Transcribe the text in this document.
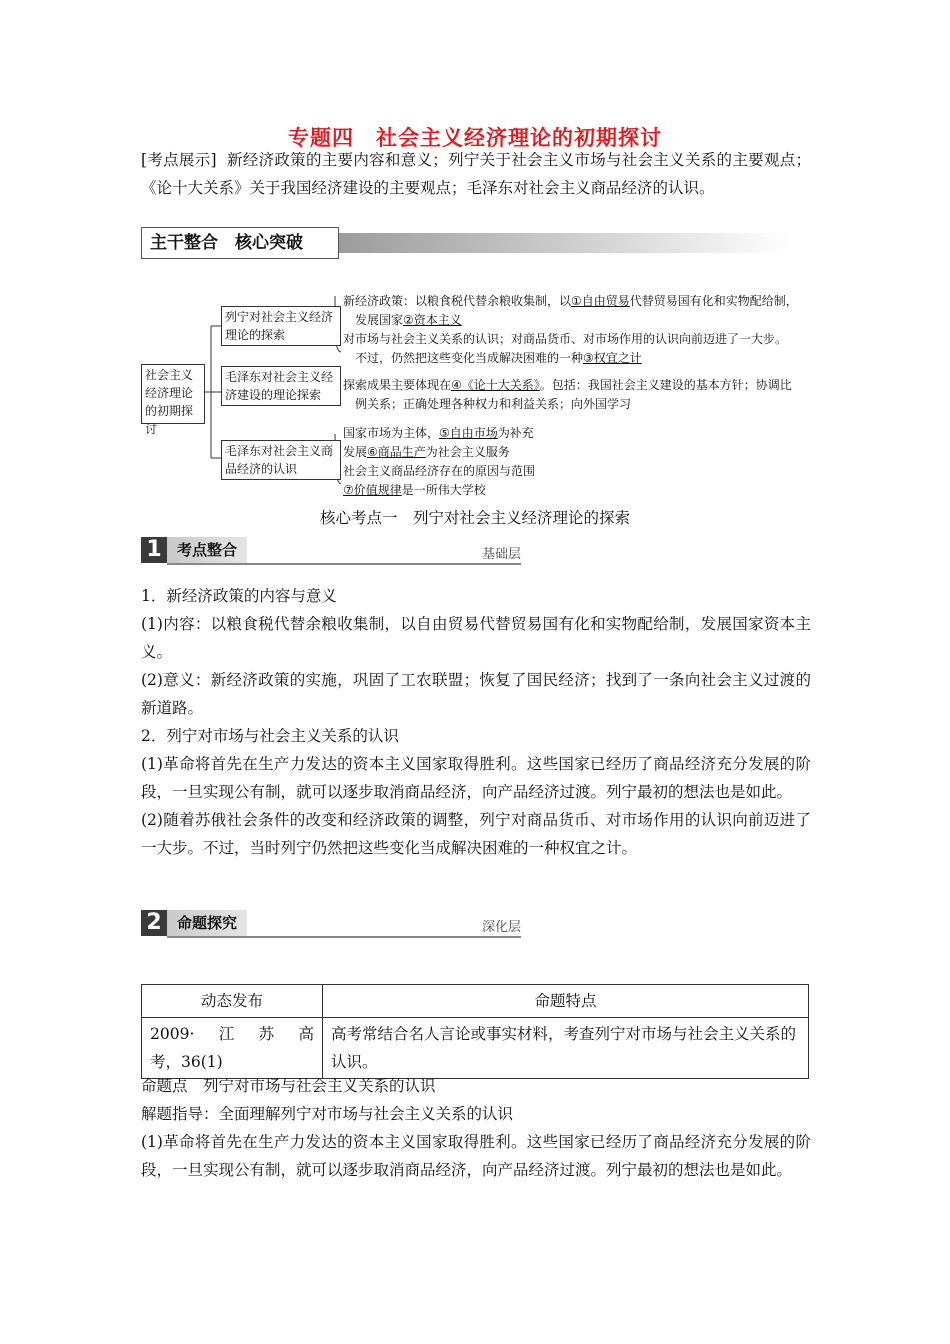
专题四　社会主义经济理论的初期探讨
[考点展示] 新经济政策的主要内容和意义；列宁关于社会主义市场与社会主义关系的主要观点；《论十大关系》关于我国经济建设的主要观点；毛泽东对社会主义商品经济的认识。
主干整合　核心突破
社会主义经济理论的初期探讨
列宁对社会主义经济理论的探索
毛泽东对社会主义经济建设的理论探索
毛泽东对社会主义商品经济的认识
新经济政策：以粮食税代替余粮收集制，以①自由贸易代替贸易国有化和实物配给制，
发展国家②资本主义
对市场与社会主义关系的认识；对商品货币、对市场作用的认识向前迈进了一大步。
不过，仍然把这些变化当成解决困难的一种③权宜之计
探索成果主要体现在④《论十大关系》。包括：我国社会主义建设的基本方针；协调比
例关系；正确处理各种权力和利益关系；向外国学习
国家市场为主体，⑤自由市场为补充
发展⑥商品生产为社会主义服务
社会主义商品经济存在的原因与范围
⑦价值规律是一所伟大学校
核心考点一　列宁对社会主义经济理论的探索
1	考点整合	基础层
1．新经济政策的内容与意义
(1)内容：以粮食税代替余粮收集制，以自由贸易代替贸易国有化和实物配给制，发展国家资本主义。
(2)意义：新经济政策的实施，巩固了工农联盟；恢复了国民经济；找到了一条向社会主义过渡的新道路。
2．列宁对市场与社会主义关系的认识
(1)革命将首先在生产力发达的资本主义国家取得胜利。这些国家已经历了商品经济充分发展的阶段，一旦实现公有制，就可以逐步取消商品经济，向产品经济过渡。列宁最初的想法也是如此。
(2)随着苏俄社会条件的改变和经济政策的调整，列宁对商品货币、对市场作用的认识向前迈进了一大步。不过，当时列宁仍然把这些变化当成解决困难的一种权宜之计。
2	命题探究	深化层
动态发布	命题特点
2009·　江　苏　高考，36(1)	高考常结合名人言论或事实材料，考查列宁对市场与社会主义关系的认识。
命题点　列宁对市场与社会主义关系的认识
解题指导：全面理解列宁对市场与社会主义关系的认识
(1)革命将首先在生产力发达的资本主义国家取得胜利。这些国家已经历了商品经济充分发展的阶段，一旦实现公有制，就可以逐步取消商品经济，向产品经济过渡。列宁最初的想法也是如此。
